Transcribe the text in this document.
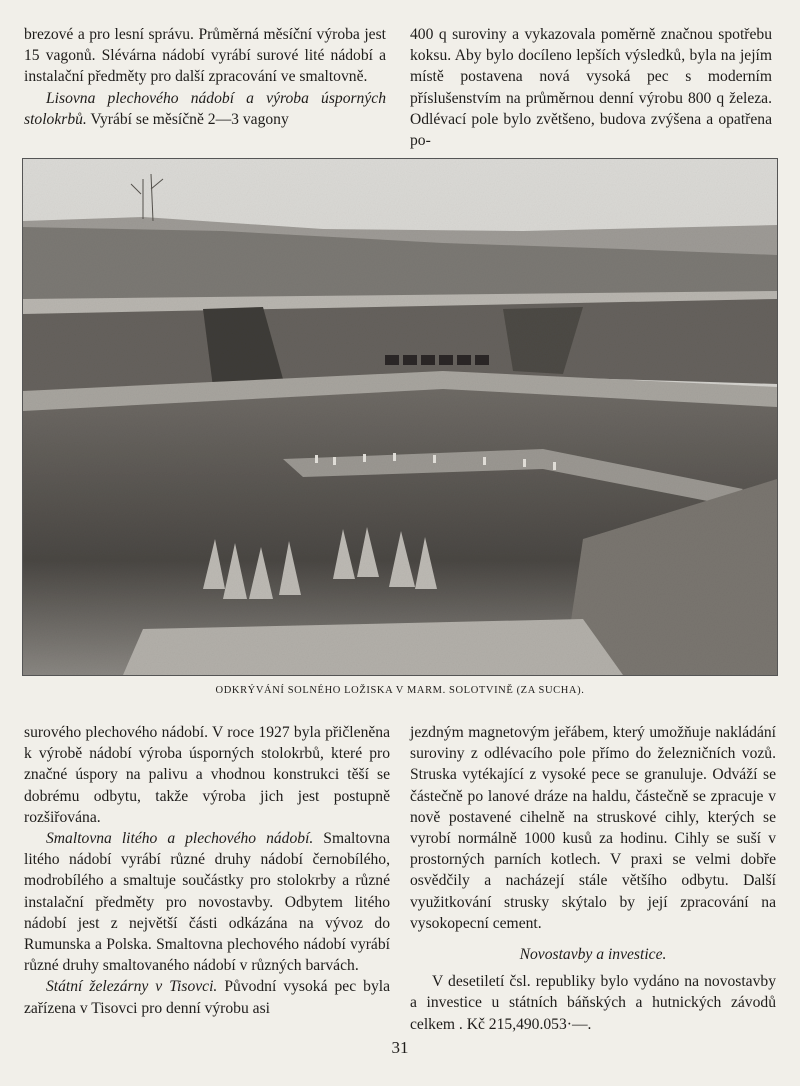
brezové a pro lesní správu. Průměrná měsíční výroba jest 15 vagonů. Slévárna nádobí vyrábí surové lité nádobí a instalační předměty pro další zpracování ve smaltovně.

Lisovna plechového nádobí a výroba úsporných stolokrbů. Vyrábí se měsíčně 2—3 vagony

400 q suroviny a vykazovala poměrně značnou spotřebu koksu. Aby bylo docíleno lepších výsledků, byla na jejím místě postavena nová vysoká pec s moderním příslušenstvím na průměrnou denní výrobu 800 q železa. Odlévací pole bylo zvětšeno, budova zvýšena a opatřena po-

ODKRÝVÁNÍ SOLNÉHO LOŽISKA V MARM. SOLOTVINĚ (ZA SUCHA).

surového plechového nádobí. V roce 1927 byla přičleněna k výrobě nádobí výroba úsporných stolokrbů, které pro značné úspory na palivu a vhodnou konstrukci těší se dobrému odbytu, takže výroba jich jest postupně rozšiřována.

Smaltovna litého a plechového nádobí. Smaltovna litého nádobí vyrábí různé druhy nádobí černobílého, modrobílého a smaltuje součástky pro stolokrby a různé instalační předměty pro novostavby. Odbytem litého nádobí jest z největší části odkázána na vývoz do Rumunska a Polska. Smaltovna plechového nádobí vyrábí různé druhy smaltovaného nádobí v různých barvách.

Státní železárny v Tisovci. Původní vysoká pec byla zařízena v Tisovci pro denní výrobu asi

jezdným magnetovým jeřábem, který umožňuje nakládání suroviny z odlévacího pole přímo do železničních vozů. Struska vytékající z vysoké pece se granuluje. Odváží se částečně po lanové dráze na haldu, částečně se zpracuje v nově postavené cihelně na struskové cihly, kterých se vyrobí normálně 1000 kusů za hodinu. Cihly se suší v prostorných parních kotlech. V praxi se velmi dobře osvědčily a nacházejí stále většího odbytu. Další využitkování strusky skýtalo by její zpracování na vysokopecní cement.

Novostavby a investice.

V desetiletí čsl. republiky bylo vydáno na novostavby a investice u státních báňských a hutnických závodů celkem . Kč 215,490.053·—.

31
